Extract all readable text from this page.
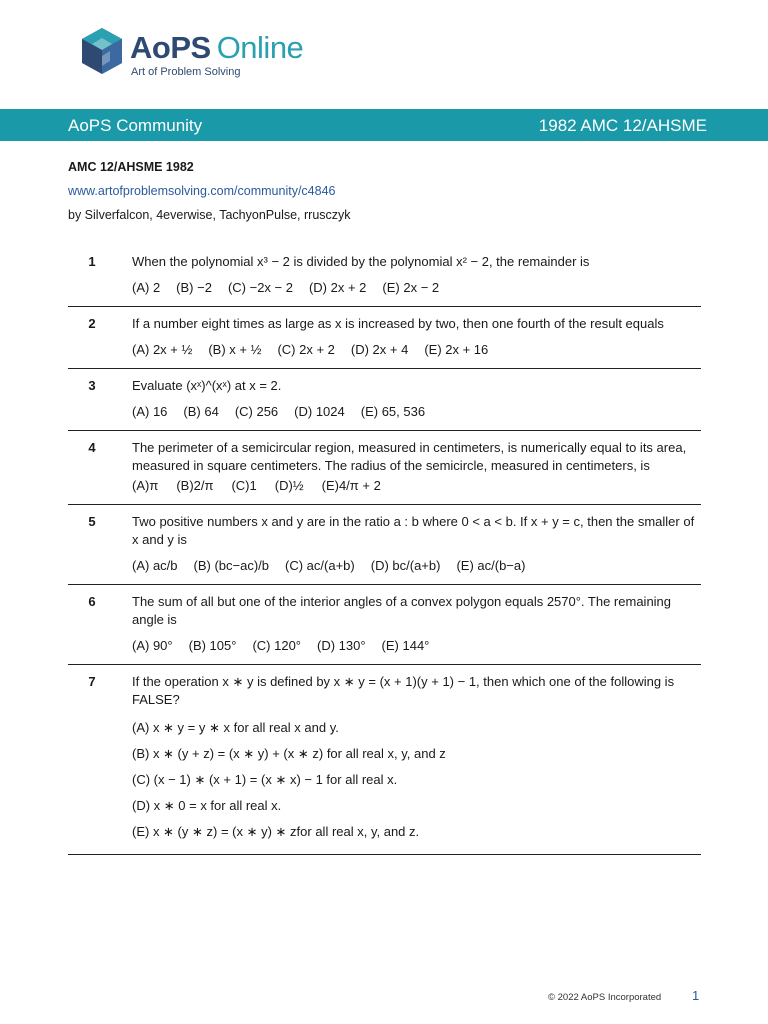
AoPS Online
Art of Problem Solving
AoPS Community	1982 AMC 12/AHSME
AMC 12/AHSME 1982
www.artofproblemsolving.com/community/c4846
by Silverfalcon, 4everwise, TachyonPulse, rrusczyk
1	When the polynomial x³ − 2 is divided by the polynomial x² − 2, the remainder is
(A) 2 (B) −2 (C) −2x − 2 (D) 2x + 2 (E) 2x − 2
2	If a number eight times as large as x is increased by two, then one fourth of the result equals
(A) 2x + ½ (B) x + ½ (C) 2x + 2 (D) 2x + 4 (E) 2x + 16
3	Evaluate (xˣ)^(xˣ) at x = 2.
(A) 16 (B) 64 (C) 256 (D) 1024 (E) 65, 536
4	The perimeter of a semicircular region, measured in centimeters, is numerically equal to its area, measured in square centimeters. The radius of the semicircle, measured in centimeters, is
(A)π (B)2/π (C)1 (D)½ (E)4/π + 2
5	Two positive numbers x and y are in the ratio a : b where 0 < a < b. If x + y = c, then the smaller of x and y is
(A) ac/b (B) (bc−ac)/b (C) ac/(a+b) (D) bc/(a+b) (E) ac/(b−a)
6	The sum of all but one of the interior angles of a convex polygon equals 2570°. The remaining angle is
(A) 90° (B) 105° (C) 120° (D) 130° (E) 144°
7	If the operation x ∗ y is defined by x ∗ y = (x + 1)(y + 1) − 1, then which one of the following is FALSE?
(A) x ∗ y = y ∗ x for all real x and y.
(B) x ∗ (y + z) = (x ∗ y) + (x ∗ z) for all real x, y, and z
(C) (x − 1) ∗ (x + 1) = (x ∗ x) − 1 for all real x.
(D) x ∗ 0 = x for all real x.
(E) x ∗ (y ∗ z) = (x ∗ y) ∗ zfor all real x, y, and z.
© 2022 AoPS Incorporated 1
